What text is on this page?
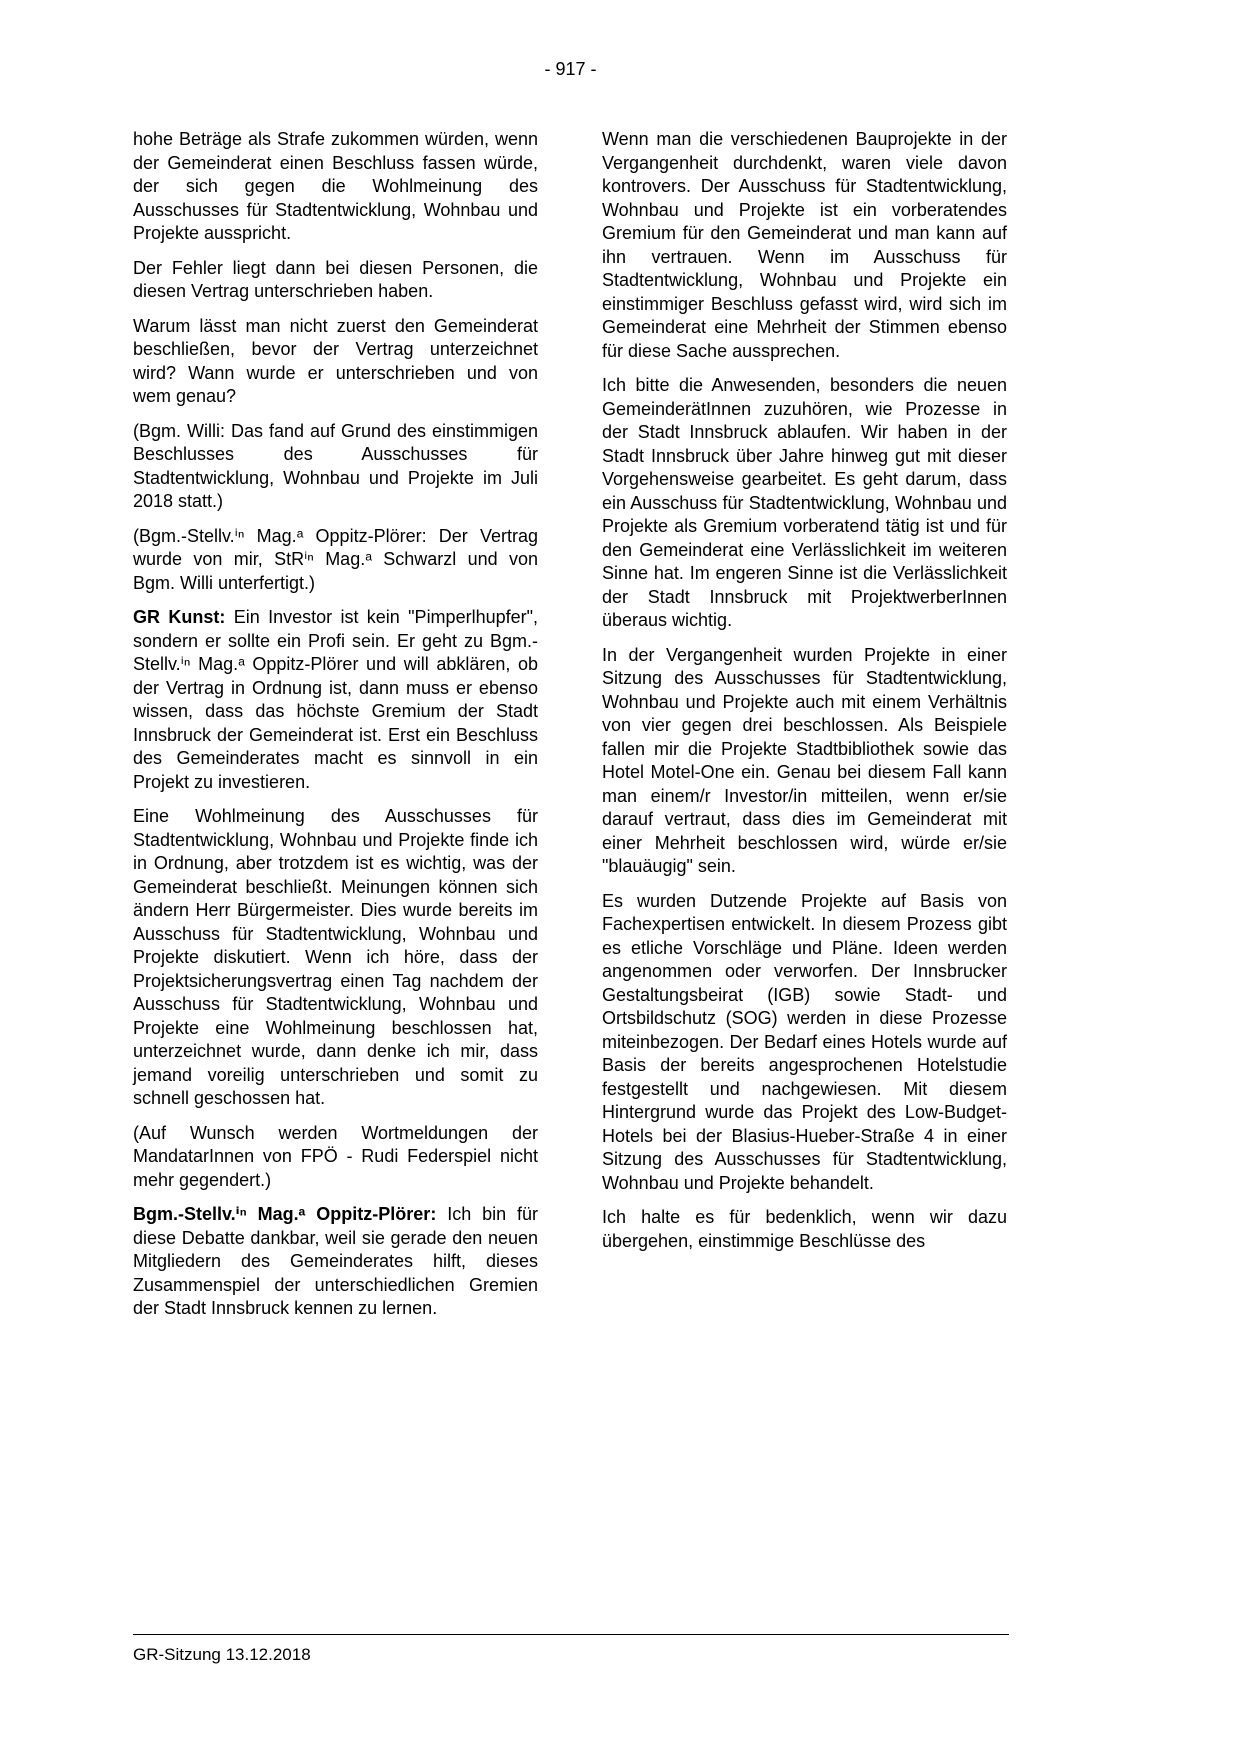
- 917 -

hohe Beträge als Strafe zukommen würden, wenn der Gemeinderat einen Beschluss fassen würde, der sich gegen die Wohlmeinung des Ausschusses für Stadtentwicklung, Wohnbau und Projekte ausspricht.

Der Fehler liegt dann bei diesen Personen, die diesen Vertrag unterschrieben haben.

Warum lässt man nicht zuerst den Gemeinderat beschließen, bevor der Vertrag unterzeichnet wird? Wann wurde er unterschrieben und von wem genau?

(Bgm. Willi: Das fand auf Grund des einstimmigen Beschlusses des Ausschusses für Stadtentwicklung, Wohnbau und Projekte im Juli 2018 statt.)

(Bgm.-Stellv.ⁱⁿ Mag.ᵃ Oppitz-Plörer: Der Vertrag wurde von mir, StRⁱⁿ Mag.ᵃ Schwarzl und von Bgm. Willi unterfertigt.)

GR Kunst: Ein Investor ist kein "Pimperlhupfer", sondern er sollte ein Profi sein. Er geht zu Bgm.-Stellv.ⁱⁿ Mag.ᵃ Oppitz-Plörer und will abklären, ob der Vertrag in Ordnung ist, dann muss er ebenso wissen, dass das höchste Gremium der Stadt Innsbruck der Gemeinderat ist. Erst ein Beschluss des Gemeinderates macht es sinnvoll in ein Projekt zu investieren.

Eine Wohlmeinung des Ausschusses für Stadtentwicklung, Wohnbau und Projekte finde ich in Ordnung, aber trotzdem ist es wichtig, was der Gemeinderat beschließt. Meinungen können sich ändern Herr Bürgermeister. Dies wurde bereits im Ausschuss für Stadtentwicklung, Wohnbau und Projekte diskutiert. Wenn ich höre, dass der Projektsicherungsvertrag einen Tag nachdem der Ausschuss für Stadtentwicklung, Wohnbau und Projekte eine Wohlmeinung beschlossen hat, unterzeichnet wurde, dann denke ich mir, dass jemand voreilig unterschrieben und somit zu schnell geschossen hat.

(Auf Wunsch werden Wortmeldungen der MandatarInnen von FPÖ - Rudi Federspiel nicht mehr gegendert.)

Bgm.-Stellv.ⁱⁿ Mag.ᵃ Oppitz-Plörer: Ich bin für diese Debatte dankbar, weil sie gerade den neuen Mitgliedern des Gemeinderates hilft, dieses Zusammenspiel der unterschiedlichen Gremien der Stadt Innsbruck kennen zu lernen.

Wenn man die verschiedenen Bauprojekte in der Vergangenheit durchdenkt, waren viele davon kontrovers. Der Ausschuss für Stadtentwicklung, Wohnbau und Projekte ist ein vorberatendes Gremium für den Gemeinderat und man kann auf ihn vertrauen. Wenn im Ausschuss für Stadtentwicklung, Wohnbau und Projekte ein einstimmiger Beschluss gefasst wird, wird sich im Gemeinderat eine Mehrheit der Stimmen ebenso für diese Sache aussprechen.

Ich bitte die Anwesenden, besonders die neuen GemeinderätInnen zuzuhören, wie Prozesse in der Stadt Innsbruck ablaufen. Wir haben in der Stadt Innsbruck über Jahre hinweg gut mit dieser Vorgehensweise gearbeitet. Es geht darum, dass ein Ausschuss für Stadtentwicklung, Wohnbau und Projekte als Gremium vorberatend tätig ist und für den Gemeinderat eine Verlässlichkeit im weiteren Sinne hat. Im engeren Sinne ist die Verlässlichkeit der Stadt Innsbruck mit ProjektwerberInnen überaus wichtig.

In der Vergangenheit wurden Projekte in einer Sitzung des Ausschusses für Stadtentwicklung, Wohnbau und Projekte auch mit einem Verhältnis von vier gegen drei beschlossen. Als Beispiele fallen mir die Projekte Stadtbibliothek sowie das Hotel Motel-One ein. Genau bei diesem Fall kann man einem/r Investor/in mitteilen, wenn er/sie darauf vertraut, dass dies im Gemeinderat mit einer Mehrheit beschlossen wird, würde er/sie "blauäugig" sein.

Es wurden Dutzende Projekte auf Basis von Fachexpertisen entwickelt. In diesem Prozess gibt es etliche Vorschläge und Pläne. Ideen werden angenommen oder verworfen. Der Innsbrucker Gestaltungsbeirat (IGB) sowie Stadt- und Ortsbildschutz (SOG) werden in diese Prozesse miteinbezogen. Der Bedarf eines Hotels wurde auf Basis der bereits angesprochenen Hotelstudie festgestellt und nachgewiesen. Mit diesem Hintergrund wurde das Projekt des Low-Budget-Hotels bei der Blasius-Hueber-Straße 4 in einer Sitzung des Ausschusses für Stadtentwicklung, Wohnbau und Projekte behandelt.

Ich halte es für bedenklich, wenn wir dazu übergehen, einstimmige Beschlüsse des

GR-Sitzung 13.12.2018
